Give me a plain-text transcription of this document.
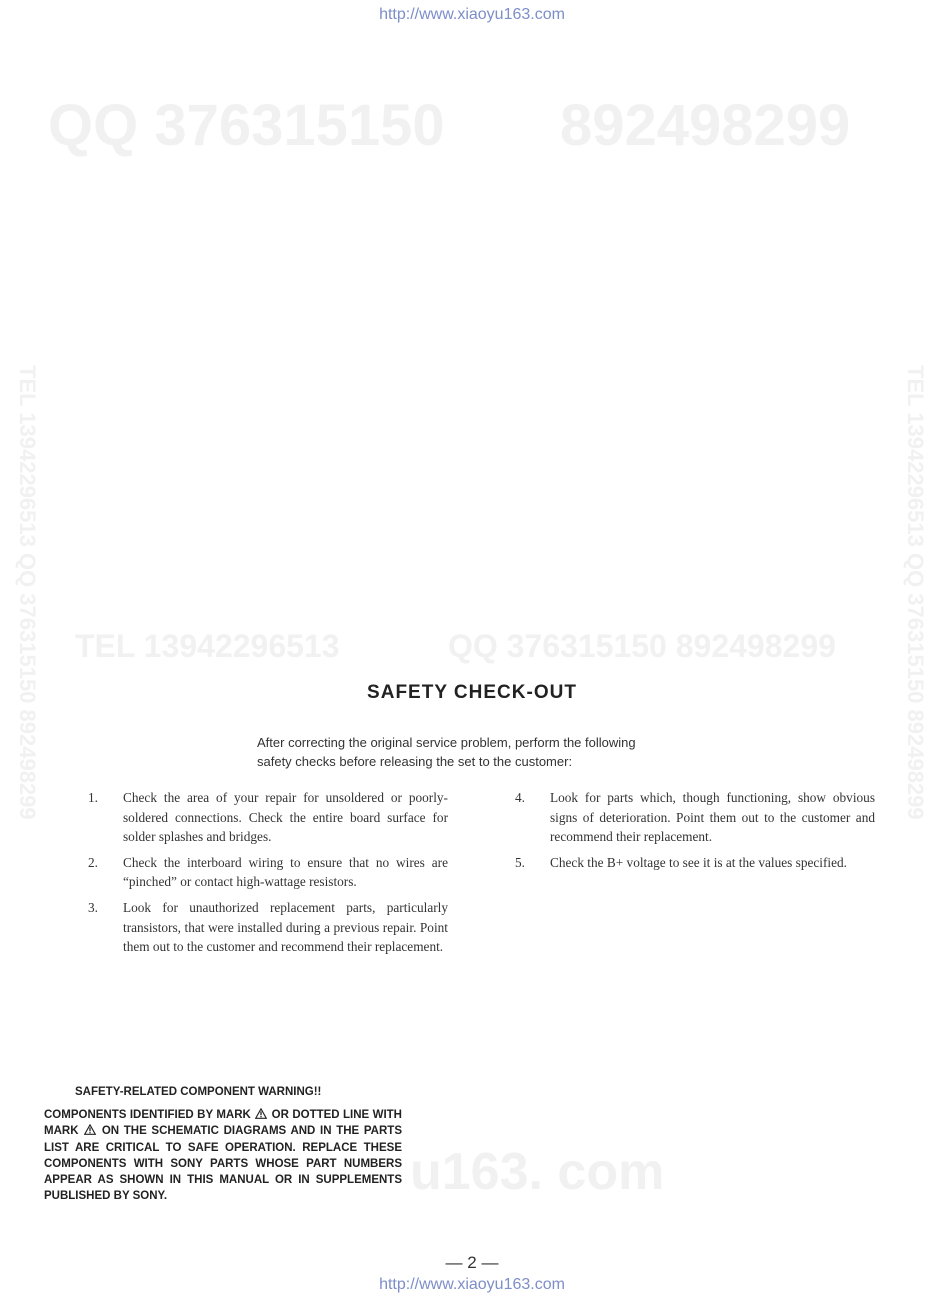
http://www.xiaoyu163.com
QQ 376315150 892498299
TEL 13942296513	QQ 376315150 892498299
TEL 13942296513 QQ 376315150 892498299	TEL 13942296513 QQ 376315150 892498299
u163. com
SAFETY CHECK-OUT
After correcting the original service problem, perform the following
safety checks before releasing the set to the customer:
1.	Check the area of your repair for unsoldered or poorly-soldered connections. Check the entire board surface for solder splashes and bridges.
2.	Check the interboard wiring to ensure that no wires are “pinched” or contact high-wattage resistors.
3.	Look for unauthorized replacement parts, particularly transistors, that were installed during a previous repair. Point them out to the customer and recommend their replacement.
4.	Look for parts which, though functioning, show obvious signs of deterioration. Point them out to the customer and recommend their replacement.
5.	Check the B+ voltage to see it is at the values specified.
SAFETY-RELATED COMPONENT WARNING!!
COMPONENTS IDENTIFIED BY MARK OR DOTTED LINE WITH MARK ON THE SCHEMATIC DIAGRAMS AND IN THE PARTS LIST ARE CRITICAL TO SAFE OPERATION. REPLACE THESE COMPONENTS WITH SONY PARTS WHOSE PART NUMBERS APPEAR AS SHOWN IN THIS MANUAL OR IN SUPPLEMENTS PUBLISHED BY SONY.
— 2 —
http://www.xiaoyu163.com
